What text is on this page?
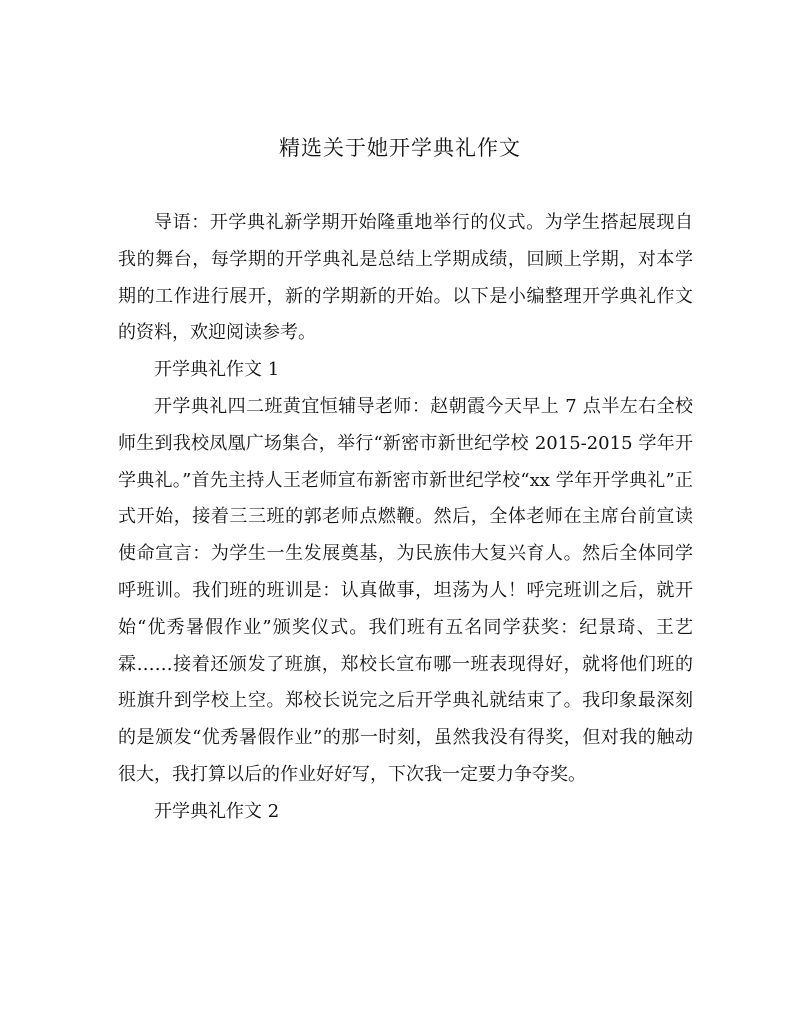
精选关于她开学典礼作文

导语：开学典礼新学期开始隆重地举行的仪式。为学生搭起展现自我的舞台，每学期的开学典礼是总结上学期成绩，回顾上学期，对本学期的工作进行展开，新的学期新的开始。以下是小编整理开学典礼作文的资料，欢迎阅读参考。

开学典礼作文 1

开学典礼四二班黄宜恒辅导老师：赵朝霞今天早上 7 点半左右全校师生到我校凤凰广场集合，举行“新密市新世纪学校 2015-2015 学年开学典礼。”首先主持人王老师宣布新密市新世纪学校“xx 学年开学典礼”正式开始，接着三三班的郭老师点燃鞭。然后，全体老师在主席台前宣读使命宣言：为学生一生发展奠基，为民族伟大复兴育人。然后全体同学呼班训。我们班的班训是：认真做事，坦荡为人！呼完班训之后，就开始“优秀暑假作业”颁奖仪式。我们班有五名同学获奖：纪景琦、王艺霖……接着还颁发了班旗，郑校长宣布哪一班表现得好，就将他们班的班旗升到学校上空。郑校长说完之后开学典礼就结束了。我印象最深刻的是颁发“优秀暑假作业”的那一时刻，虽然我没有得奖，但对我的触动很大，我打算以后的作业好好写，下次我一定要力争夺奖。

开学典礼作文 2
